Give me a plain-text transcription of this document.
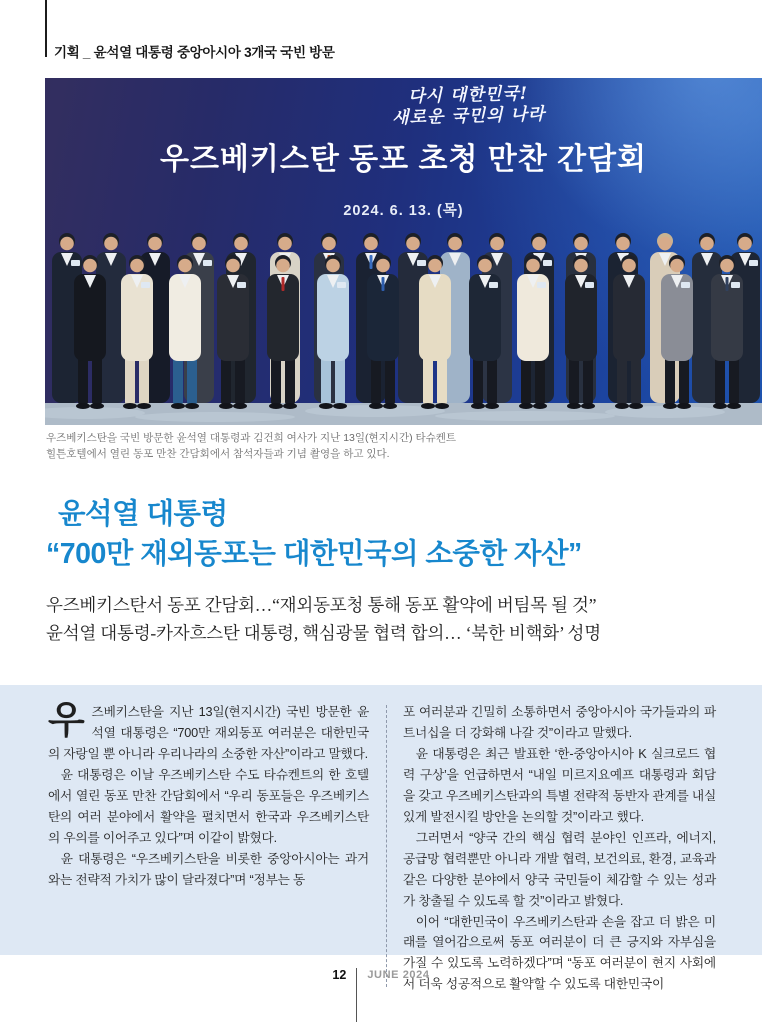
기획 _ 윤석열 대통령 중앙아시아 3개국 국빈 방문
다시 대한민국!
새로운 국민의 나라
우즈베키스탄 동포 초청 만찬 간담회
2024. 6. 13. (목)
우즈베키스탄을 국빈 방문한 윤석열 대통령과 김건희 여사가 지난 13일(현지시간) 타슈켄트
힐튼호텔에서 열린 동포 만찬 간담회에서 참석자들과 기념 촬영을 하고 있다.
윤석열 대통령
“700만 재외동포는 대한민국의 소중한 자산”
우즈베키스탄서 동포 간담회…“재외동포청 통해 동포 활약에 버팀목 될 것”
윤석열 대통령-카자흐스탄 대통령, 핵심광물 협력 합의… ‘북한 비핵화’ 성명

우즈베키스탄을 지난 13일(현지시간) 국빈 방문한 윤석열 대통령은 “700만 재외동포 여러분은 대한민국의 자랑일 뿐 아니라 우리나라의 소중한 자산”이라고 말했다.

윤 대통령은 이날 우즈베키스탄 수도 타슈켄트의 한 호텔에서 열린 동포 만찬 간담회에서 “우리 동포들은 우즈베키스탄의 여러 분야에서 활약을 펼치면서 한국과 우즈베키스탄의 우의를 이어주고 있다”며 이같이 밝혔다.

윤 대통령은 “우즈베키스탄을 비롯한 중앙아시아는 과거와는 전략적 가치가 많이 달라졌다”며 “정부는 동

포 여러분과 긴밀히 소통하면서 중앙아시아 국가들과의 파트너십을 더 강화해 나갈 것”이라고 말했다.

윤 대통령은 최근 발표한 ‘한-중앙아시아 K 실크로드 협력 구상’을 언급하면서 “내일 미르지요예프 대통령과 회담을 갖고 우즈베키스탄과의 특별 전략적 동반자 관계를 내실 있게 발전시킬 방안을 논의할 것”이라고 했다.

그러면서 “양국 간의 핵심 협력 분야인 인프라, 에너지, 공급망 협력뿐만 아니라 개발 협력, 보건의료, 환경, 교육과 같은 다양한 분야에서 양국 국민들이 체감할 수 있는 성과가 창출될 수 있도록 할 것”이라고 밝혔다.

이어 “대한민국이 우즈베키스탄과 손을 잡고 더 밝은 미래를 열어감으로써 동포 여러분이 더 큰 긍지와 자부심을 가질 수 있도록 노력하겠다”며 “동포 여러분이 현지 사회에서 더욱 성공적으로 활약할 수 있도록 대한민국이

12 JUNE 2024
